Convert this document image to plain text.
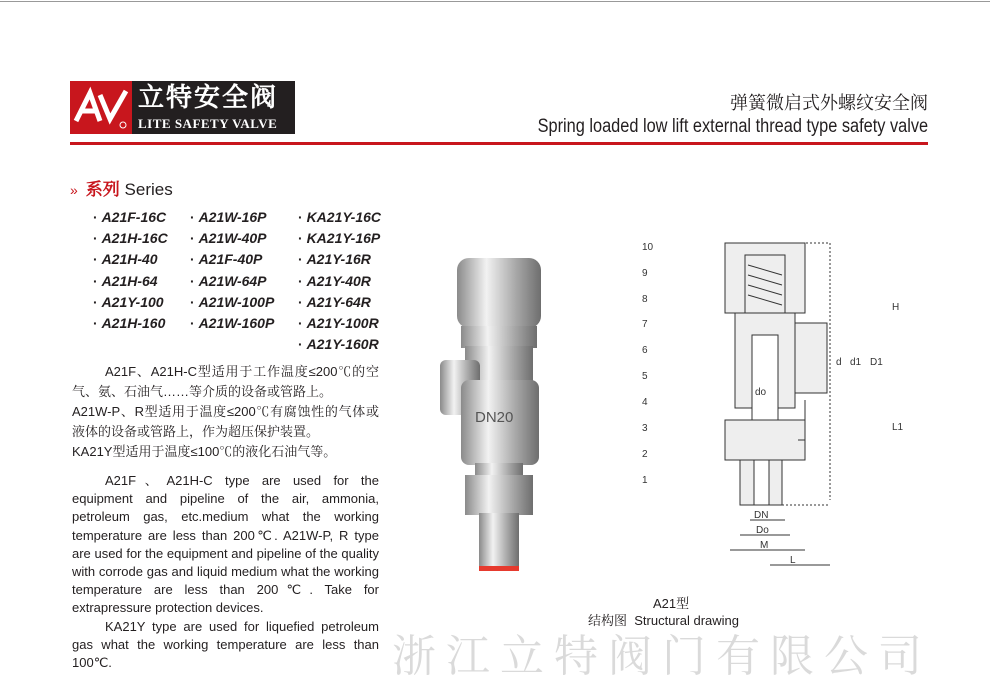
立特安全阀
LITE SAFETY VALVE
弹簧微启式外螺纹安全阀
Spring loaded low lift external thread type safety valve
» 系列 Series
· A21F-16C
· A21H-16C
· A21H-40
· A21H-64
· A21Y-100
· A21H-160
· A21W-16P
· A21W-40P
· A21F-40P
· A21W-64P
· A21W-100P
· A21W-160P
· KA21Y-16C
· KA21Y-16P
· A21Y-16R
· A21Y-40R
· A21Y-64R
· A21Y-100R
· A21Y-160R
A21F、A21H-C型适用于工作温度≤200℃的空气、氨、石油气……等介质的设备或管路上。
A21W-P、R型适用于温度≤200℃有腐蚀性的气体或液体的设备或管路上，作为超压保护装置。
KA21Y型适用于温度≤100℃的液化石油气等。
A21F、A21H-C type are used for the equipment and pipeline of the air, ammonia, petroleum gas, etc.medium what the working temperature are less than 200℃. A21W-P, R type are used for the equipment and pipeline of the quality with corrode gas and liquid medium what the working temperature are less than 200℃. Take for extrapressure protection devices.
KA21Y type are used for liquefied petroleum gas what the working temperature are less than 100℃.
DN20
10
9
8
7
6
5
4
3
2
1
H
L1
d d1 D1
do
DN
Do
M
L
A21型
结构图 Structural drawing
浙江立特阀门有限公司
